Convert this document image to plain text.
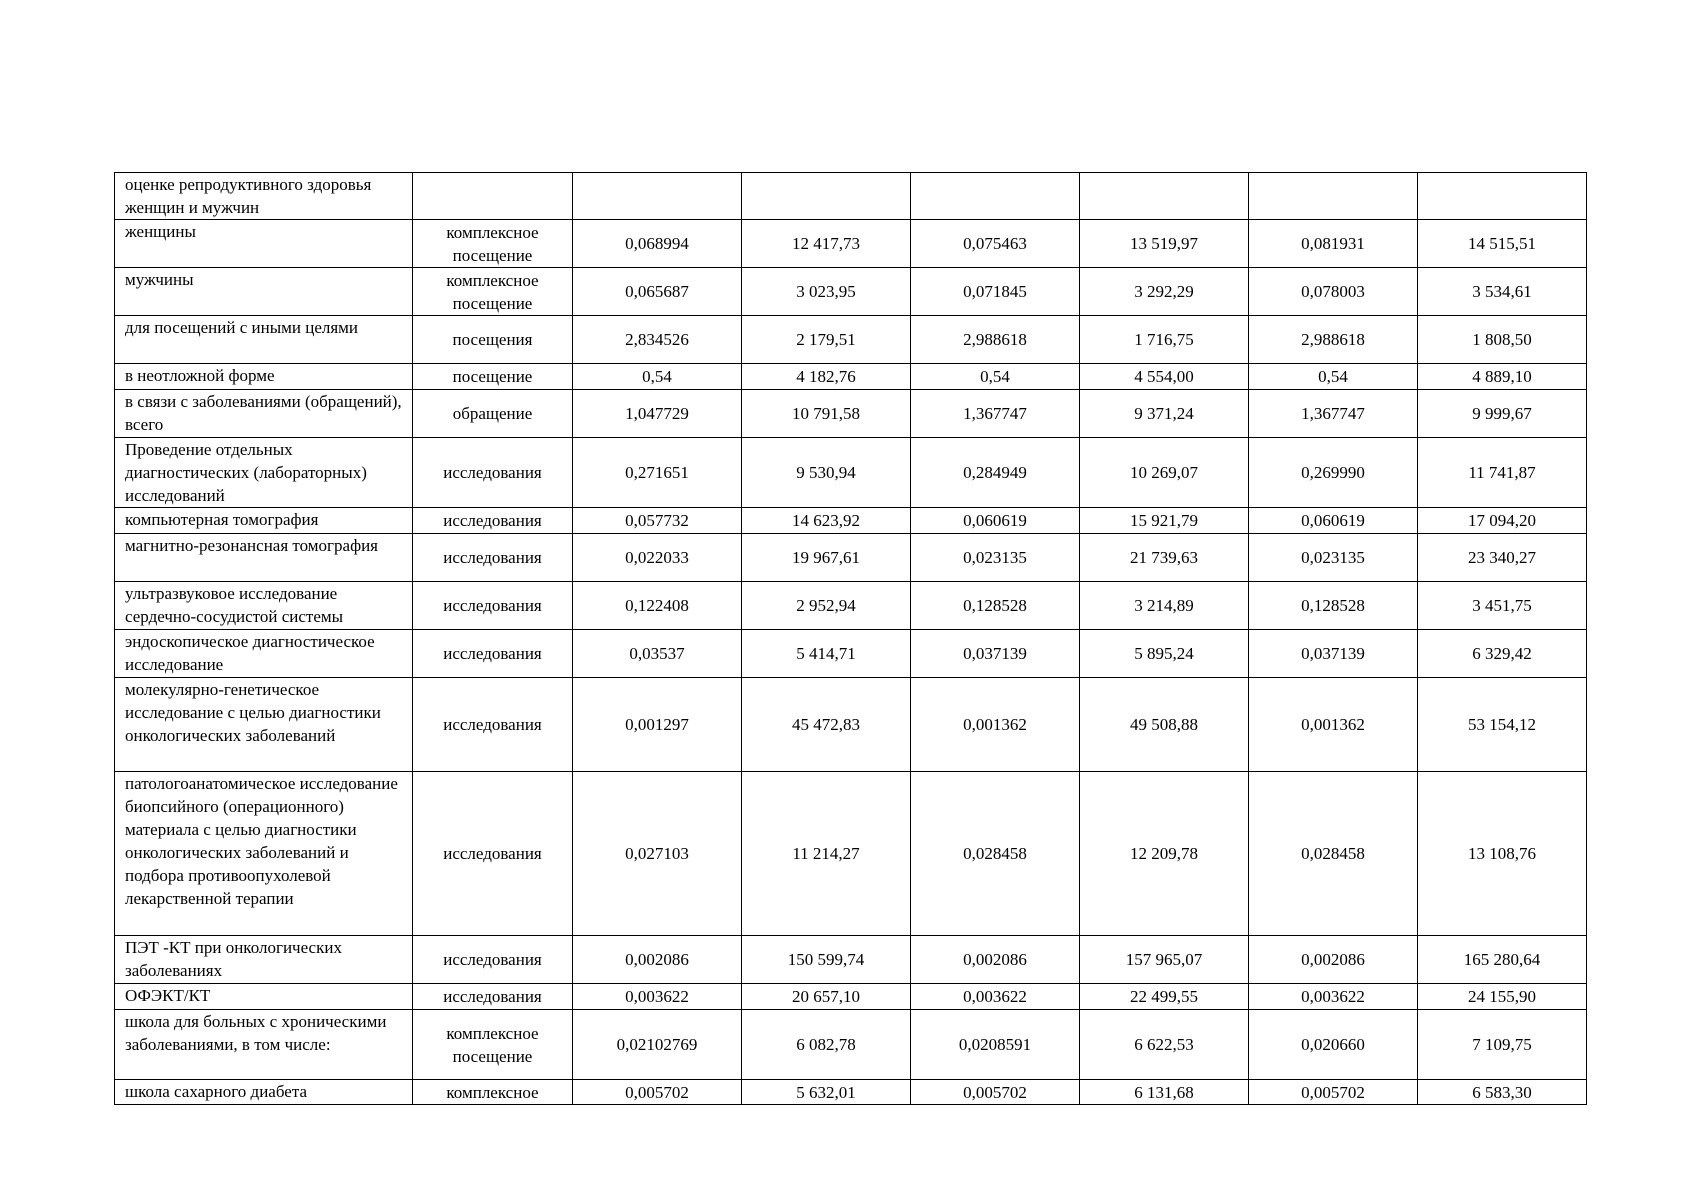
оценке репродуктивного здоровья женщин и мужчин							
женщины	комплексное посещение	0,068994	12 417,73	0,075463	13 519,97	0,081931	14 515,51
мужчины	комплексное посещение	0,065687	3 023,95	0,071845	3 292,29	0,078003	3 534,61
для посещений с иными целями	посещения	2,834526	2 179,51	2,988618	1 716,75	2,988618	1 808,50
в неотложной форме	посещение	0,54	4 182,76	0,54	4 554,00	0,54	4 889,10
в связи с заболеваниями (обращений), всего	обращение	1,047729	10 791,58	1,367747	9 371,24	1,367747	9 999,67
Проведение отдельных диагностических (лабораторных) исследований	исследования	0,271651	9 530,94	0,284949	10 269,07	0,269990	11 741,87
компьютерная томография	исследования	0,057732	14 623,92	0,060619	15 921,79	0,060619	17 094,20
магнитно-резонансная томография	исследования	0,022033	19 967,61	0,023135	21 739,63	0,023135	23 340,27
ультразвуковое исследование сердечно-сосудистой системы	исследования	0,122408	2 952,94	0,128528	3 214,89	0,128528	3 451,75
эндоскопическое диагностическое исследование	исследования	0,03537	5 414,71	0,037139	5 895,24	0,037139	6 329,42
молекулярно-генетическое исследование с целью диагностики онкологических заболеваний	исследования	0,001297	45 472,83	0,001362	49 508,88	0,001362	53 154,12
патологоанатомическое исследование биопсийного (операционного) материала с целью диагностики онкологических заболеваний и подбора противоопухолевой лекарственной терапии	исследования	0,027103	11 214,27	0,028458	12 209,78	0,028458	13 108,76
ПЭТ -КТ при онкологических заболеваниях	исследования	0,002086	150 599,74	0,002086	157 965,07	0,002086	165 280,64
ОФЭКТ/КТ	исследования	0,003622	20 657,10	0,003622	22 499,55	0,003622	24 155,90
школа для больных с хроническими заболеваниями, в том числе:	комплексное посещение	0,02102769	6 082,78	0,0208591	6 622,53	0,020660	7 109,75
школа сахарного диабета	комплексное	0,005702	5 632,01	0,005702	6 131,68	0,005702	6 583,30
